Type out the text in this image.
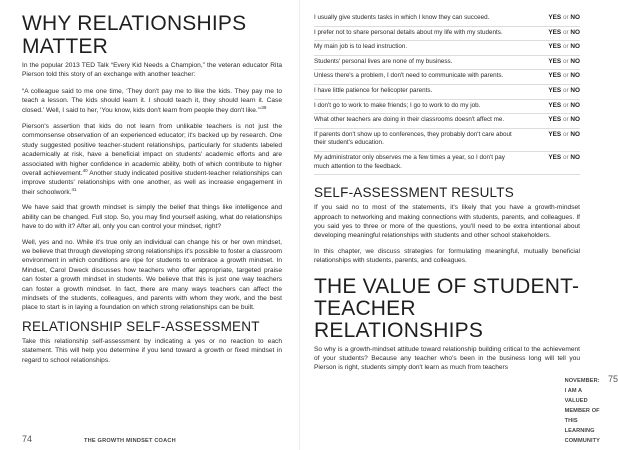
WHY RELATIONSHIPS MATTER

In the popular 2013 TED Talk “Every Kid Needs a Champion,” the veteran educator Rita Pierson told this story of an exchange with another teacher:

“A colleague said to me one time, ‘They don't pay me to like the kids. They pay me to teach a lesson. The kids should learn it. I should teach it, they should learn it. Case closed.’ Well, I said to her, ‘You know, kids don't learn from people they don't like.’”$^{39}$

Pierson's assertion that kids do not learn from unlikable teachers is not just the commonsense observation of an experienced educator; it's backed up by research. One study suggested positive teacher-student relationships, particularly for students labeled academically at risk, have a beneficial impact on students' academic efforts and are associated with higher confidence in academic ability, both of which contribute to higher overall achievement.$^{40}$ Another study indicated positive student-teacher relationships can improve students' relationships with one another, as well as increase engagement in their schoolwork.$^{41}$

We have said that growth mindset is simply the belief that things like intelligence and ability can be changed. Full stop. So, you may find yourself asking, what do relationships have to do with it? After all, only you can control your mindset, right?

Well, yes and no. While it's true only an individual can change his or her own mindset, we believe that through developing strong relationships it's possible to foster a classroom environment in which conditions are ripe for students to embrace a growth mindset. In Mindset, Carol Dweck discusses how teachers who offer appropriate, targeted praise can foster a growth mindset in students. We believe that this is just one way teachers can foster a growth mindset. In fact, there are many ways teachers can affect the mindsets of the students, colleagues, and parents with whom they work, and the best place to start is in laying a foundation on which strong relationships can be built.

RELATIONSHIP SELF-ASSESSMENT

Take this relationship self-assessment by indicating a yes or no reaction to each statement. This will help you determine if you tend toward a growth or fixed mindset in regard to school relationships.

74	THE GROWTH MINDSET COACH
I usually give students tasks in which I know they can succeed.	YES or NO
I prefer not to share personal details about my life with my students.	YES or NO
My main job is to lead instruction.	YES or NO
Students' personal lives are none of my business.	YES or NO
Unless there's a problem, I don't need to communicate with parents.	YES or NO
I have little patience for helicopter parents.	YES or NO
I don't go to work to make friends; I go to work to do my job.	YES or NO
What other teachers are doing in their classrooms doesn't affect me.	YES or NO
If parents don't show up to conferences, they probably don't care about their student's education.
YES or NO
My administrator only observes me a few times a year, so I don't pay much attention to the feedback.
YES or NO
SELF-ASSESSMENT RESULTS

If you said no to most of the statements, it's likely that you have a growth-mindset approach to networking and making connections with students, parents, and colleagues. If you said yes to three or more of the questions, you'll need to be extra intentional about developing meaningful relationships with students and other school stakeholders.

In this chapter, we discuss strategies for formulating meaningful, mutually beneficial relationships with students, parents, and colleagues.

THE VALUE OF STUDENT-TEACHER RELATIONSHIPS

So why is a growth-mindset attitude toward relationship building critical to the achievement of your students? Because any teacher who's been in the business long will tell you Pierson is right, students simply don't learn as much from teachers

NOVEMBER: I AM A VALUED MEMBER OF THIS LEARNING COMMUNITY
75
